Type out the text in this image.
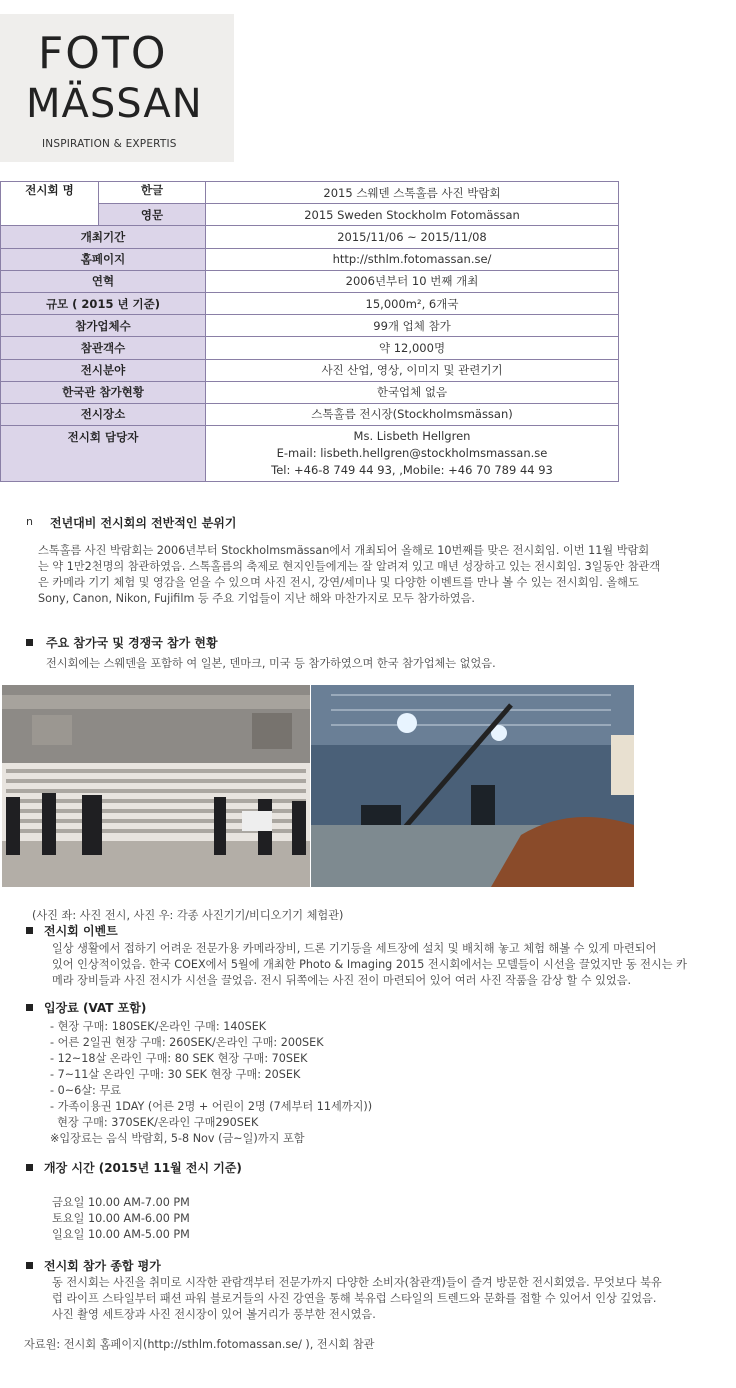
FOTO
MÄSSAN
INSPIRATION & EXPERTIS
전시회 명	한글	2015 스웨덴 스톡홀름 사진 박람회
	영문	2015 Sweden Stockholm Fotomässan
개최기간		2015/11/06 ~ 2015/11/08
홈페이지		http://sthlm.fotomassan.se/
연혁		2006년부터 10 번째 개최
규모 ( 2015 년 기준)		15,000m², 6개국
참가업체수		99개 업체 참가
참관객수		약 12,000명
전시분야		사진 산업, 영상, 이미지 및 관련기기
한국관 참가현황		한국업체 없음
전시장소		스톡홀름 전시장(Stockholmsmässan)
전시회 담당자		Ms. Lisbeth Hellgren
E-mail: lisbeth.hellgren@stockholmsmassan.se
Tel: +46-8 749 44 93, ,Mobile: +46 70 789 44 93
n 전년대비 전시회의 전반적인 분위기
스톡홀름 사진 박람회는 2006년부터 Stockholmsmässan에서 개최되어 올해로 10번째를 맞은 전시회임. 이번 11월 박람회
는 약 1만2천명의 참관하였음. 스톡홀름의 축제로 현지인들에게는 잘 알려져 있고 매년 성장하고 있는 전시회임. 3일동안 참관객
은 카메라 기기 체험 및 영감을 얻을 수 있으며 사진 전시, 강연/세미나 및 다양한 이벤트를 만나 볼 수 있는 전시회임. 올해도
Sony, Canon, Nikon, Fujifilm 등 주요 기업들이 지난 해와 마찬가지로 모두 참가하였음.
주요 참가국 및 경쟁국 참가 현황
전시회에는 스웨덴을 포함하 여 일본, 덴마크, 미국 등 참가하였으며 한국 참가업체는 없었음.
(사진 좌: 사진 전시, 사진 우: 각종 사진기기/비디오기기 체험관)
전시회 이벤트
일상 생활에서 접하기 어려운 전문가용 카메라장비, 드론 기기등을 세트장에 설치 및 배치해 놓고 체험 해볼 수 있게 마련되어
있어 인상적이었음. 한국 COEX에서 5월에 개최한 Photo & Imaging 2015 전시회에서는 모델들이 시선을 끌었지만 동 전시는 카
메라 장비들과 사진 전시가 시선을 끌었음. 전시 뒤쪽에는 사진 전이 마련되어 있어 여러 사진 작품을 감상 할 수 있었음.
입장료 (VAT 포함)
- 현장 구매: 180SEK/온라인 구매: 140SEK
- 어른 2일권 현장 구매: 260SEK/온라인 구매: 200SEK
- 12~18살 온라인 구매: 80 SEK 현장 구매: 70SEK
- 7~11살 온라인 구매: 30 SEK 현장 구매: 20SEK
- 0~6살: 무료
- 가족이용권 1DAY (어른 2명 + 어린이 2명 (7세부터 11세까지))
현장 구매: 370SEK/온라인 구매290SEK
※입장료는 음식 박람회, 5-8 Nov (금~일)까지 포함
개장 시간 (2015년 11월 전시 기준)
금요일 10.00 AM-7.00 PM
토요일 10.00 AM-6.00 PM
일요일 10.00 AM-5.00 PM
전시회 참가 종합 평가
동 전시회는 사진을 취미로 시작한 관람객부터 전문가까지 다양한 소비자(참관객)들이 즐겨 방문한 전시회였음. 무엇보다 북유
럽 라이프 스타일부터 패션 파워 블로거들의 사진 강연을 통해 북유럽 스타일의 트렌드와 문화를 접할 수 있어서 인상 깊었음.
사진 촬영 세트장과 사진 전시장이 있어 볼거리가 풍부한 전시였음.
자료원: 전시회 홈페이지(http://sthlm.fotomassan.se/ ), 전시회 참관
